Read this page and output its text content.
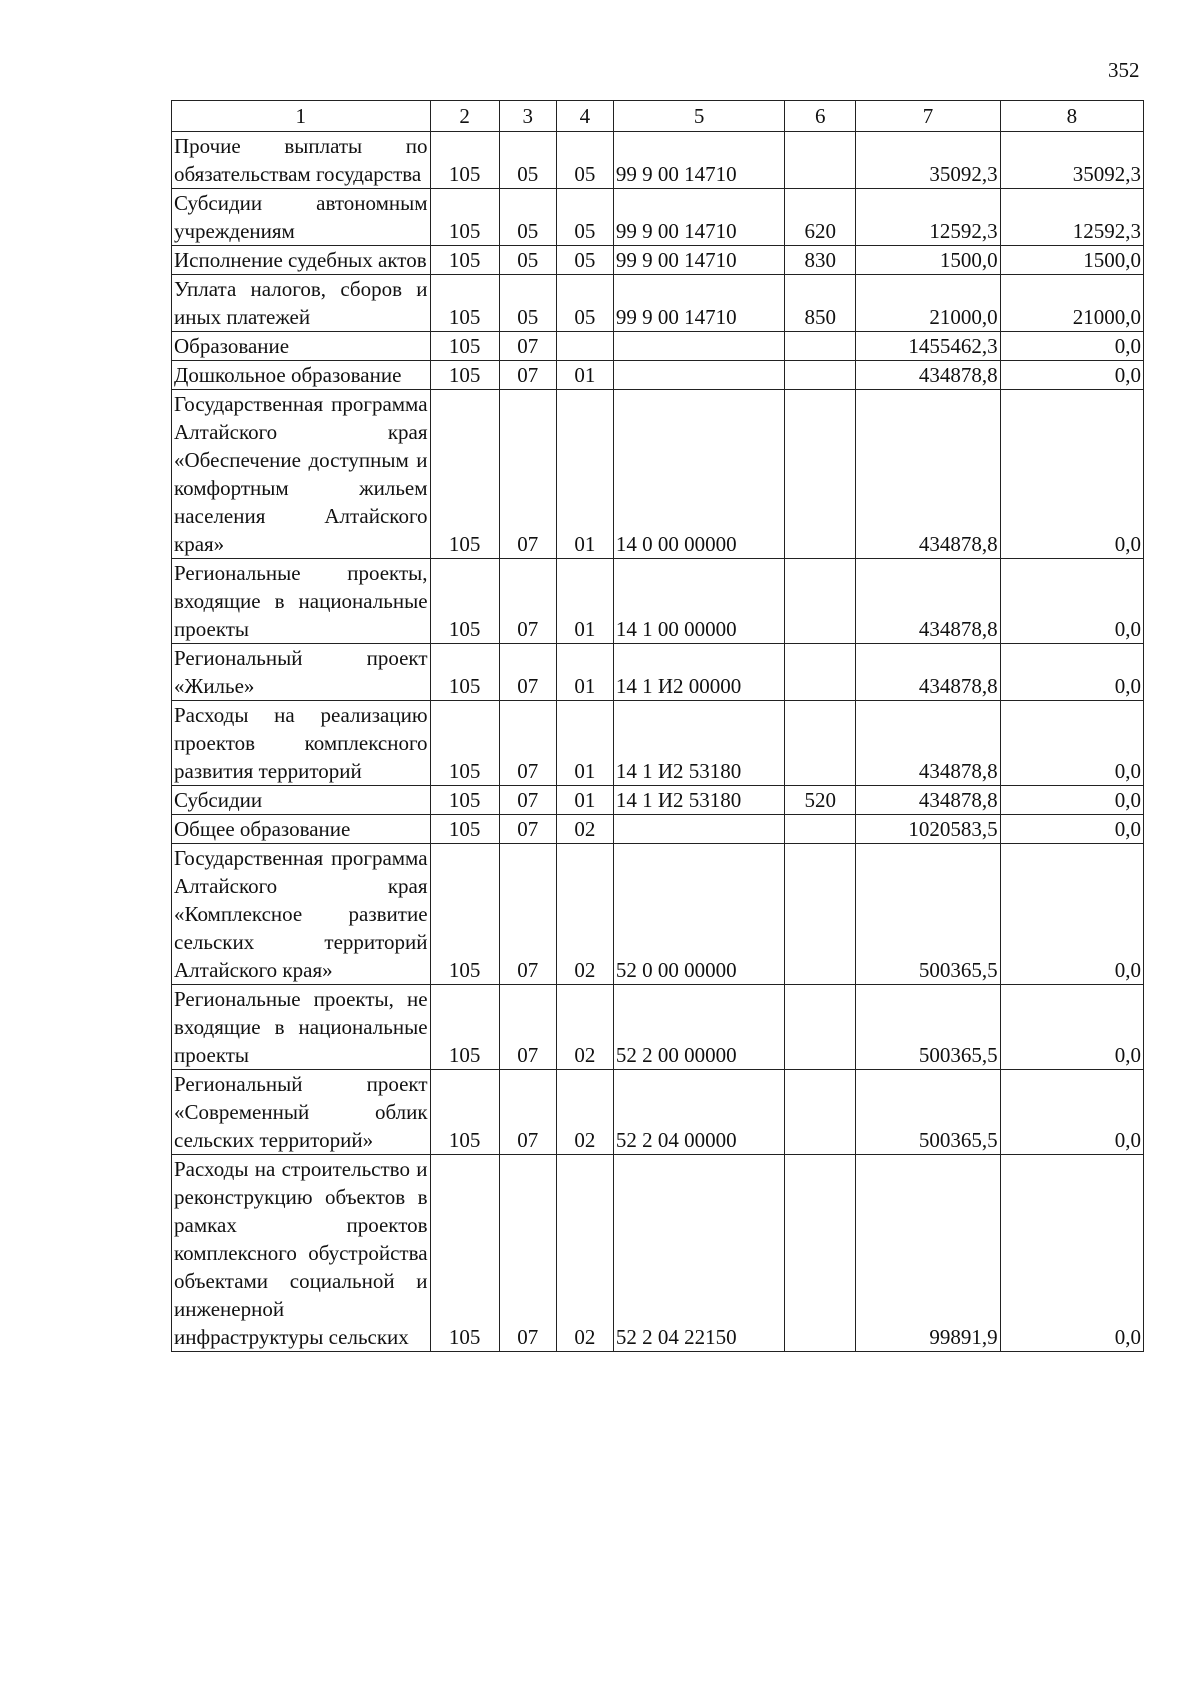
352
1	2	3	4	5	6	7	8
Прочие выплаты по обязательствам государства	105	05	05	99 9 00 14710		35092,3	35092,3
Субсидии автономным учреждениям	105	05	05	99 9 00 14710	620	12592,3	12592,3
Исполнение судебных актов	105	05	05	99 9 00 14710	830	1500,0	1500,0
Уплата налогов, сборов и иных платежей	105	05	05	99 9 00 14710	850	21000,0	21000,0
Образование	105	07				1455462,3	0,0
Дошкольное образование	105	07	01			434878,8	0,0
Государственная программа Алтайского края «Обеспечение доступным и комфортным жильем населения Алтайского края»	105	07	01	14 0 00 00000		434878,8	0,0
Региональные проекты, входящие в национальные проекты	105	07	01	14 1 00 00000		434878,8	0,0
Региональный проект «Жилье»	105	07	01	14 1 И2 00000		434878,8	0,0
Расходы на реализацию проектов комплексного развития территорий	105	07	01	14 1 И2 53180		434878,8	0,0
Субсидии	105	07	01	14 1 И2 53180	520	434878,8	0,0
Общее образование	105	07	02			1020583,5	0,0
Государственная программа Алтайского края «Комплексное развитие сельских территорий Алтайского края»	105	07	02	52 0 00 00000		500365,5	0,0
Региональные проекты, не входящие в национальные проекты	105	07	02	52 2 00 00000		500365,5	0,0
Региональный проект «Современный облик сельских территорий»	105	07	02	52 2 04 00000		500365,5	0,0
Расходы на строительство и реконструкцию объектов в рамках проектов комплексного обустройства объектами социальной и инженерной инфраструктуры сельских	105	07	02	52 2 04 22150		99891,9	0,0
